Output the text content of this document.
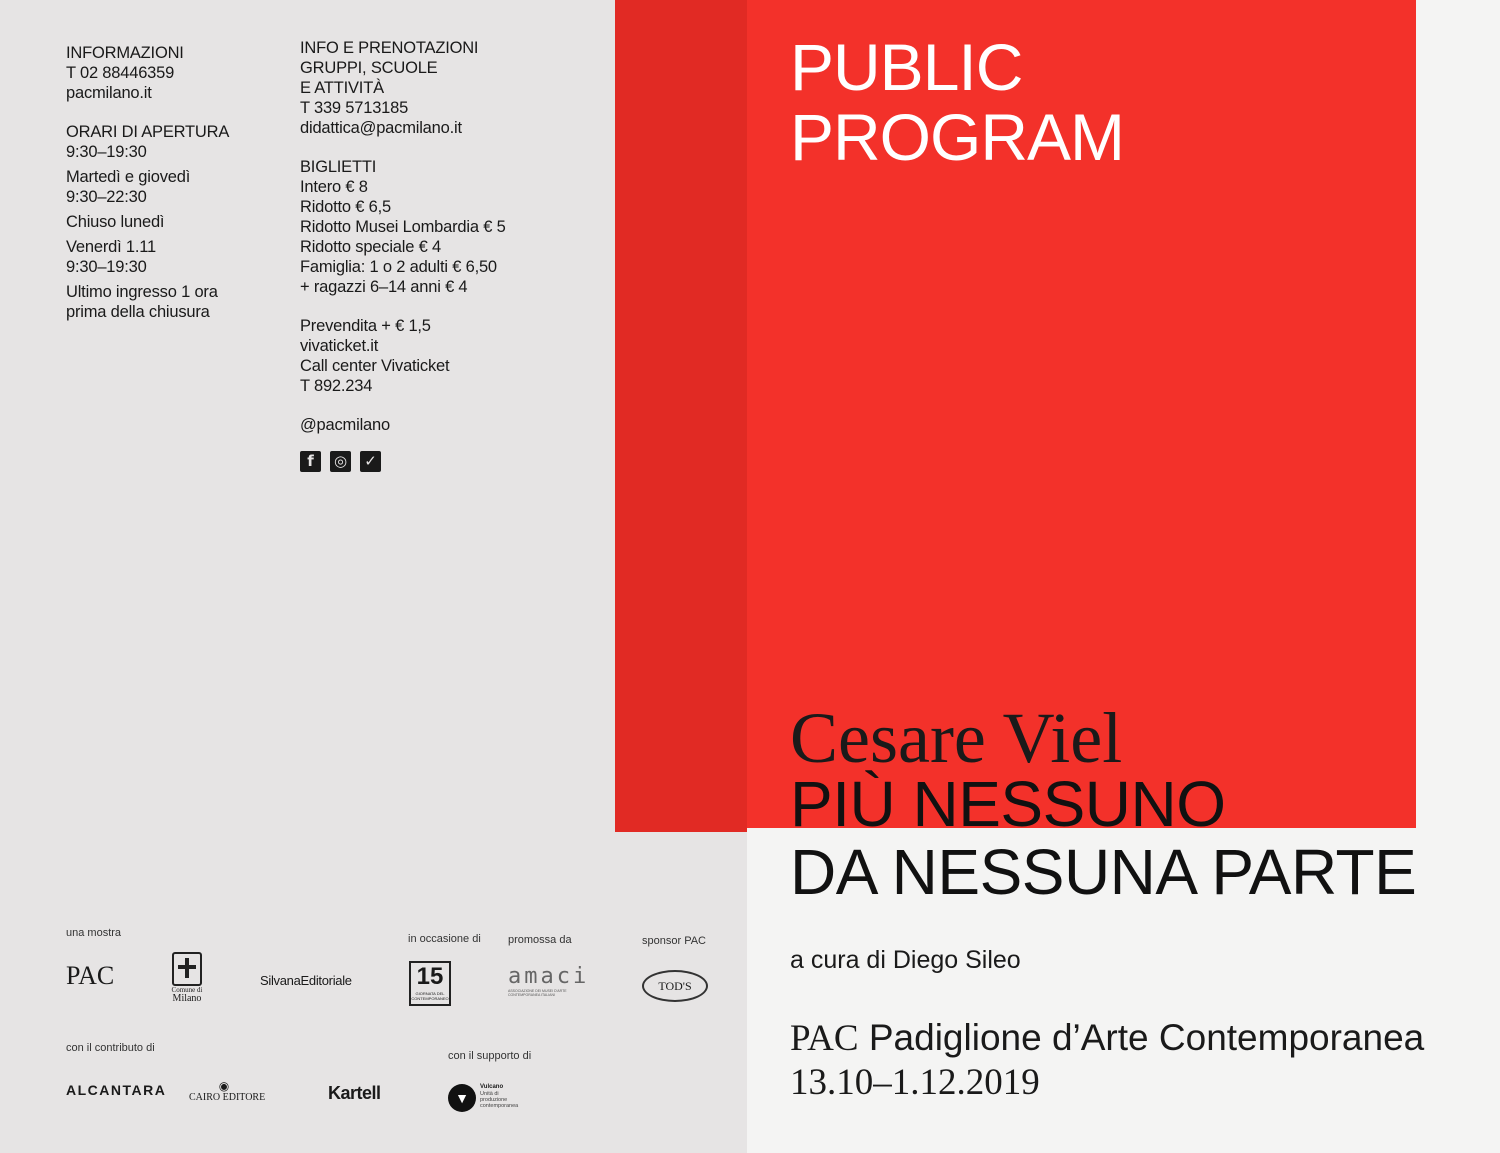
INFORMAZIONI
T 02 88446359
pacmilano.it
ORARI DI APERTURA
9:30–19:30
Martedì e giovedì
9:30–22:30
Chiuso lunedì
Venerdì 1.11
9:30–19:30
Ultimo ingresso 1 ora
prima della chiusura
INFO E PRENOTAZIONI
GRUPPI, SCUOLE
E ATTIVITÀ
T 339 5713185
didattica@pacmilano.it
BIGLIETTI
Intero € 8
Ridotto € 6,5
Ridotto Musei Lombardia € 5
Ridotto speciale € 4
Famiglia: 1 o 2 adulti € 6,50
+ ragazzi 6–14 anni € 4
Prevendita + € 1,5
vivaticket.it
Call center Vivaticket
T 892.234
@pacmilano
f	◎ ✓
una mostra	in occasione di promossa da	sponsor PAC
PAC	Comune di
Milano
SilvanaEditoriale	15
GIORNATA DEL CONTEMPORANEO
amaci
ASSOCIAZIONE DEI MUSEI D'ARTE CONTEMPORANEA ITALIANI
TOD'S
con il contributo di
con il supporto di
ALCANTARA	◉
CAIRO EDITORE	Kartell	▼
Vulcano
Unità di produzione contemporanea
PUBLIC
PROGRAM
Cesare Viel
PIÙ NESSUNO
DA NESSUNA PARTE
a cura di Diego Sileo
PAC Padiglione d’Arte Contemporanea
13.10–1.12.2019
